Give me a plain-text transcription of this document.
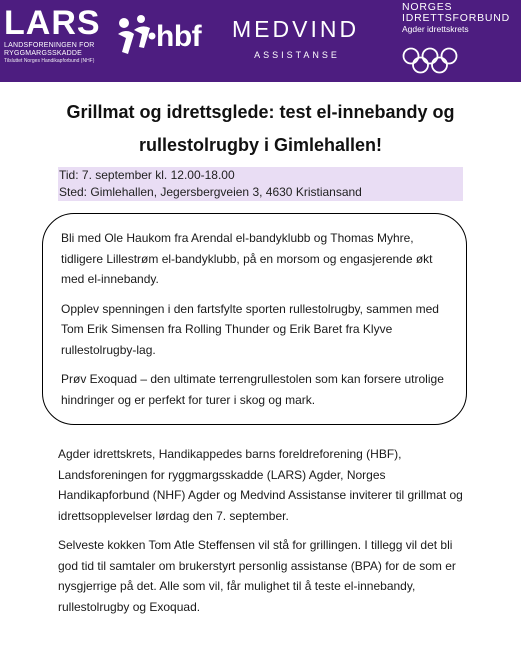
LARS
LANDSFORENINGEN FOR
RYGGMARGSSKADDE
Tilsluttet Norges Handikapforbund (NHF)
hbf MEDVIND
ASSISTANSE
NORGES
IDRETTSFORBUND
Agder idrettskrets
Grillmat og idrettsglede: test el-innebandy og rullestolrugby i Gimlehallen!
Tid: 7. september kl. 12.00-18.00
Sted: Gimlehallen, Jegersbergveien 3, 4630 Kristiansand

Bli med Ole Haukom fra Arendal el-bandyklubb og Thomas Myhre, tidligere Lillestrøm el-bandyklubb, på en morsom og engasjerende økt med el-innebandy.

Opplev spenningen i den fartsfylte sporten rullestolrugby, sammen med Tom Erik Simensen fra Rolling Thunder og Erik Baret fra Klyve rullestolrugby-lag.

Prøv Exoquad – den ultimate terrengrullestolen som kan forsere utrolige hindringer og er perfekt for turer i skog og mark.

Agder idrettskrets, Handikappedes barns foreldreforening (HBF), Landsforeningen for ryggmargsskadde (LARS) Agder, Norges Handikapforbund (NHF) Agder og Medvind Assistanse inviterer til grillmat og idrettsopplevelser lørdag den 7. september.

Selveste kokken Tom Atle Steffensen vil stå for grillingen. I tillegg vil det bli god tid til samtaler om brukerstyrt personlig assistanse (BPA) for de som er nysgjerrige på det. Alle som vil, får mulighet til å teste el-innebandy, rullestolrugby og Exoquad.
